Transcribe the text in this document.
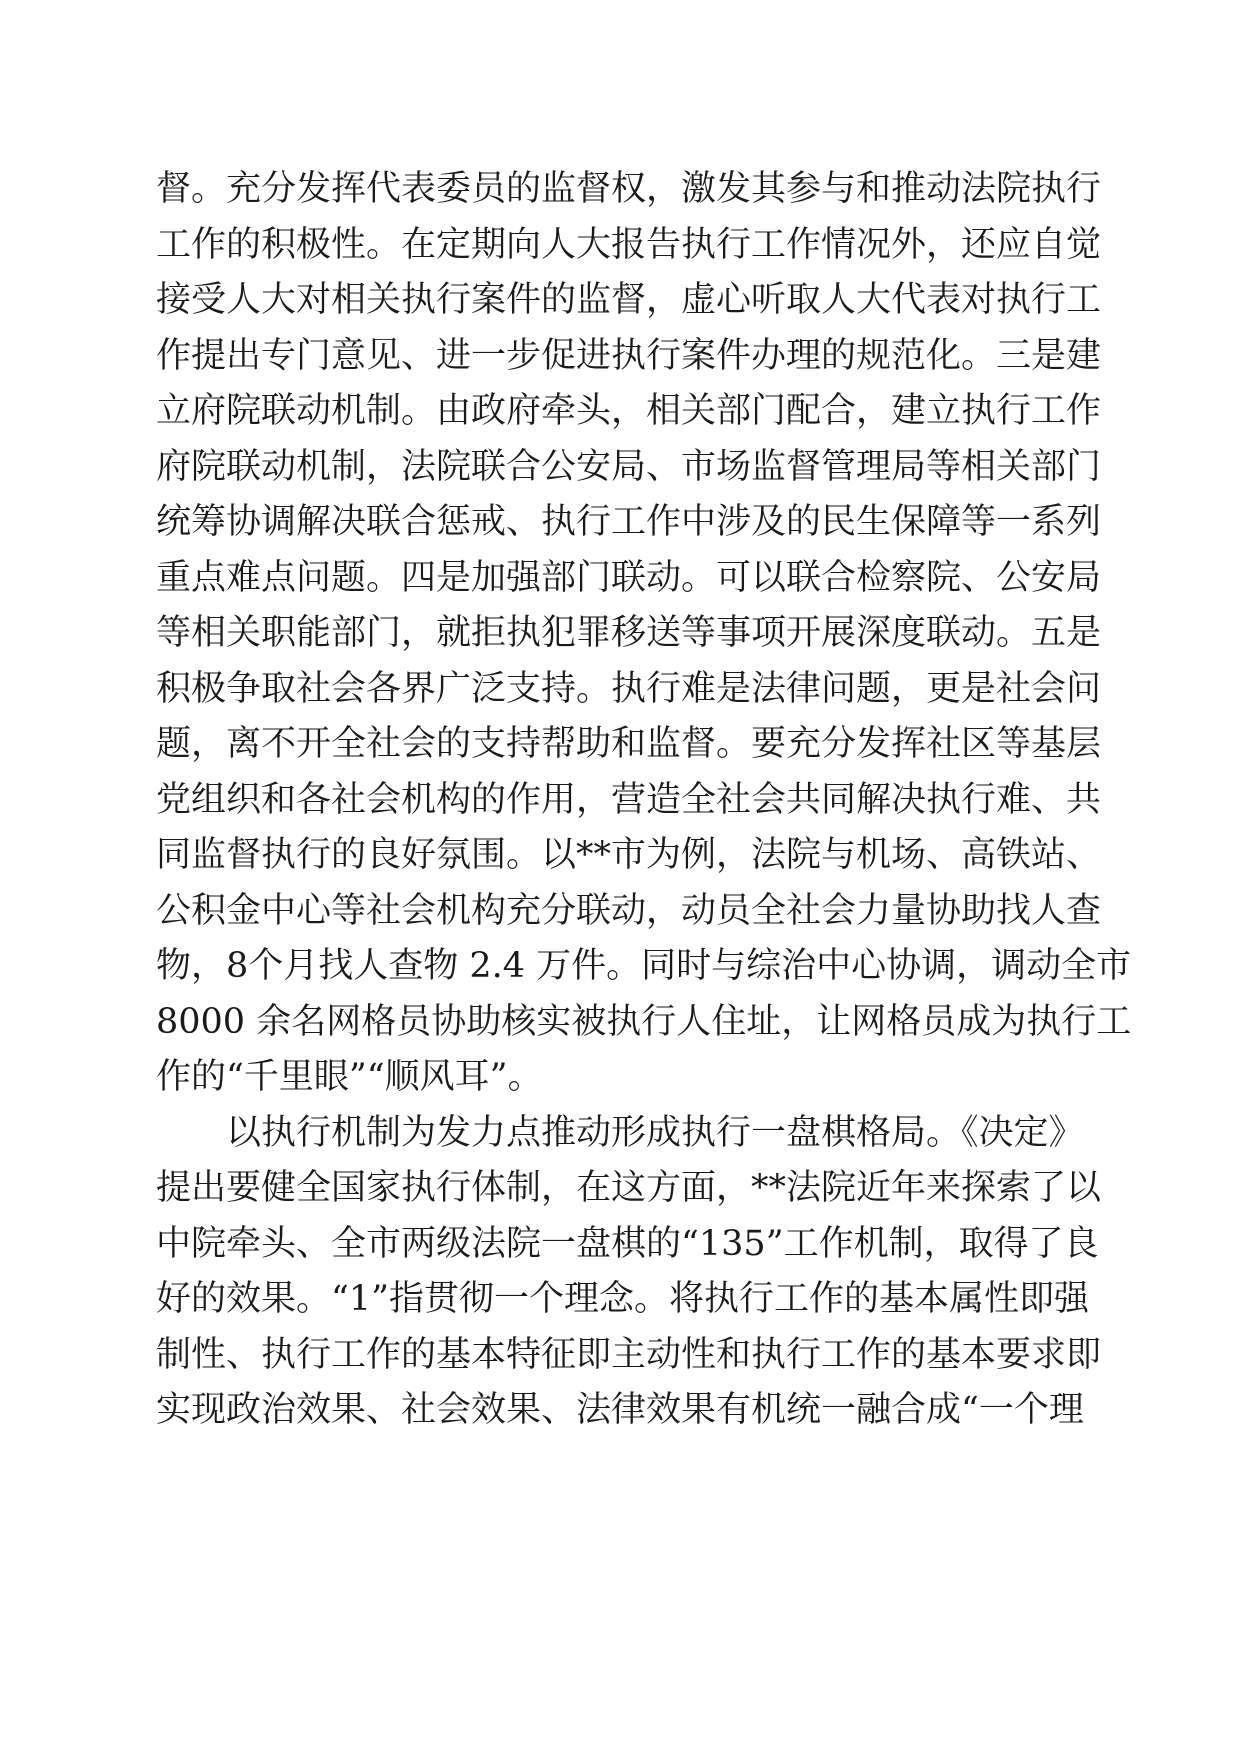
督。充分发挥代表委员的监督权，激发其参与和推动法院执行
工作的积极性。在定期向人大报告执行工作情况外，还应自觉
接受人大对相关执行案件的监督，虚心听取人大代表对执行工
作提出专门意见、进一步促进执行案件办理的规范化。三是建
立府院联动机制。由政府牵头，相关部门配合，建立执行工作
府院联动机制，法院联合公安局、市场监督管理局等相关部门
统筹协调解决联合惩戒、执行工作中涉及的民生保障等一系列
重点难点问题。四是加强部门联动。可以联合检察院、公安局
等相关职能部门，就拒执犯罪移送等事项开展深度联动。五是
积极争取社会各界广泛支持。执行难是法律问题，更是社会问
题，离不开全社会的支持帮助和监督。要充分发挥社区等基层
党组织和各社会机构的作用，营造全社会共同解决执行难、共
同监督执行的良好氛围。以**市为例，法院与机场、高铁站、
公积金中心等社会机构充分联动，动员全社会力量协助找人查
物，8个月找人查物 2.4 万件。同时与综治中心协调，调动全市
8000 余名网格员协助核实被执行人住址，让网格员成为执行工
作的“千里眼”“顺风耳”。
　　以执行机制为发力点推动形成执行一盘棋格局。《决定》
提出要健全国家执行体制，在这方面，**法院近年来探索了以
中院牵头、全市两级法院一盘棋的“135”工作机制，取得了良
好的效果。“1”指贯彻一个理念。将执行工作的基本属性即强
制性、执行工作的基本特征即主动性和执行工作的基本要求即
实现政治效果、社会效果、法律效果有机统一融合成“一个理
